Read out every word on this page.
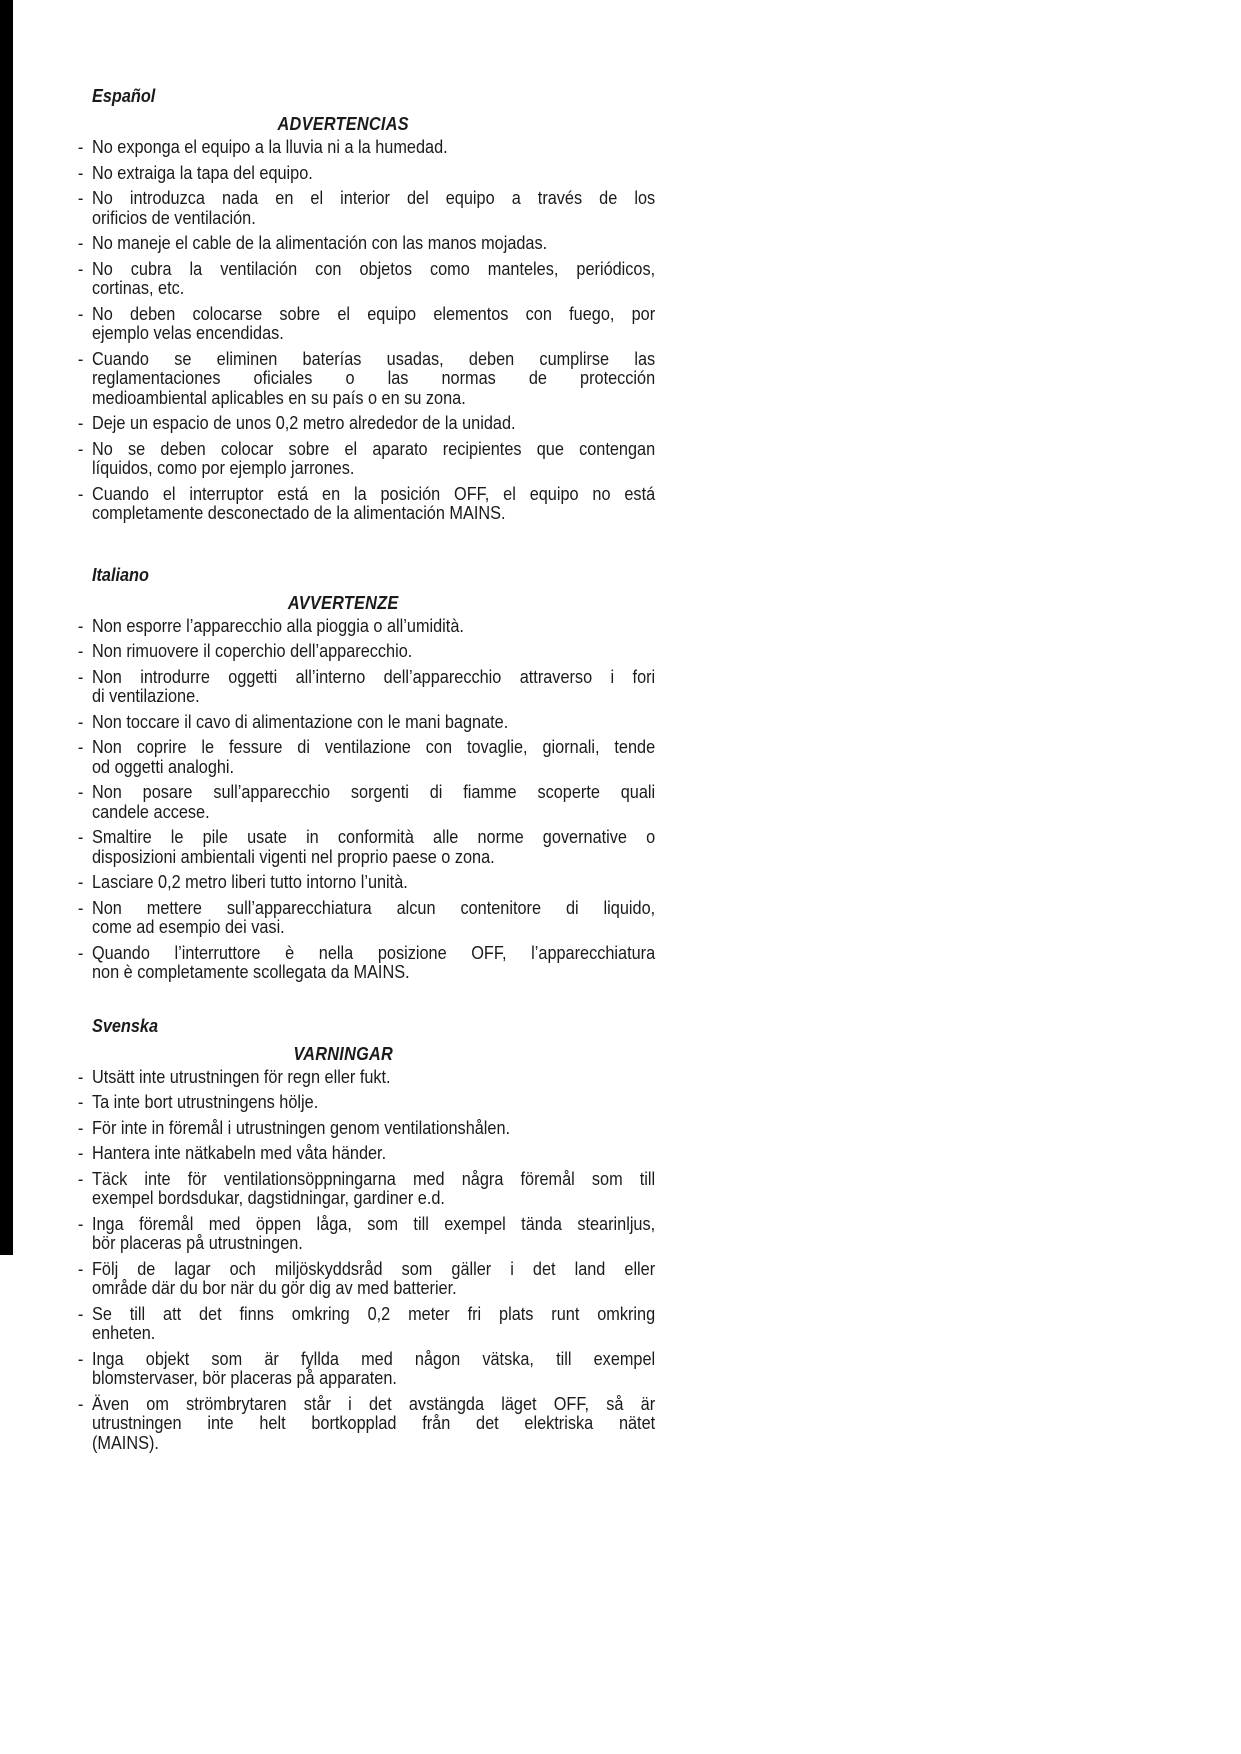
Español
ADVERTENCIAS
- No exponga el equipo a la lluvia ni a la humedad.
- No extraiga la tapa del equipo.
- No introduzca nada en el interior del equipo a través de los
orificios de ventilación.
- No maneje el cable de la alimentación con las manos mojadas.
- No cubra la ventilación con objetos como manteles, periódicos,
cortinas, etc.
- No deben colocarse sobre el equipo elementos con fuego, por
ejemplo velas encendidas.
- Cuando se eliminen baterías usadas, deben cumplirse las
reglamentaciones oficiales o las normas de protección
medioambiental aplicables en su país o en su zona.
- Deje un espacio de unos 0,2 metro alrededor de la unidad.
- No se deben colocar sobre el aparato recipientes que contengan
líquidos, como por ejemplo jarrones.
- Cuando el interruptor está en la posición OFF, el equipo no está
completamente desconectado de la alimentación MAINS.
Italiano
AVVERTENZE
- Non esporre l’apparecchio alla pioggia o all’umidità.
- Non rimuovere il coperchio dell’apparecchio.
- Non introdurre oggetti all’interno dell’apparecchio attraverso i fori
di ventilazione.
- Non toccare il cavo di alimentazione con le mani bagnate.
- Non coprire le fessure di ventilazione con tovaglie, giornali, tende
od oggetti analoghi.
- Non posare sull’apparecchio sorgenti di fiamme scoperte quali
candele accese.
- Smaltire le pile usate in conformità alle norme governative o
disposizioni ambientali vigenti nel proprio paese o zona.
- Lasciare 0,2 metro liberi tutto intorno l’unità.
- Non mettere sull’apparecchiatura alcun contenitore di liquido,
come ad esempio dei vasi.
- Quando l’interruttore è nella posizione OFF, l’apparecchiatura
non è completamente scollegata da MAINS.
Svenska
VARNINGAR
- Utsätt inte utrustningen för regn eller fukt.
- Ta inte bort utrustningens hölje.
- För inte in föremål i utrustningen genom ventilationshålen.
- Hantera inte nätkabeln med våta händer.
- Täck inte för ventilationsöppningarna med några föremål som till
exempel bordsdukar, dagstidningar, gardiner e.d.
- Inga föremål med öppen låga, som till exempel tända stearinljus,
bör placeras på utrustningen.
- Följ de lagar och miljöskyddsråd som gäller i det land eller
område där du bor när du gör dig av med batterier.
- Se till att det finns omkring 0,2 meter fri plats runt omkring
enheten.
- Inga objekt som är fyllda med någon vätska, till exempel
blomstervaser, bör placeras på apparaten.
- Även om strömbrytaren står i det avstängda läget OFF, så är
utrustningen inte helt bortkopplad från det elektriska nätet
(MAINS).
